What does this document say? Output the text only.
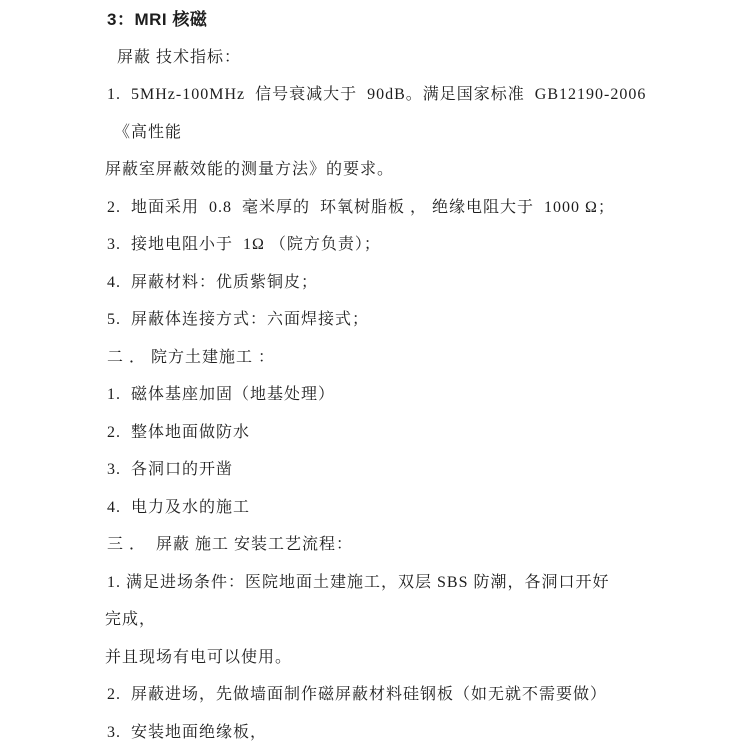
3：MRI 核磁

屏蔽 技术指标：

1.  5MHz-100MHz  信号衰减大于  90dB。满足国家标准  GB12190-2006

《高性能

屏蔽室屏蔽效能的测量方法》的要求。

2.  地面采用  0.8  毫米厚的  环氧树脂板 ， 绝缘电阻大于  1000 Ω；

3.  接地电阻小于  1Ω （院方负责）；

4.  屏蔽材料：优质紫铜皮；

5.  屏蔽体连接方式：六面焊接式；

二 ． 院方土建施工 ：

1.  磁体基座加固（地基处理）

2.  整体地面做防水

3.  各洞口的开凿

4.  电力及水的施工

三 ．  屏蔽 施工 安装工艺流程：

1. 满足进场条件：医院地面土建施工，双层 SBS 防潮，各洞口开好

完成，

并且现场有电可以使用。

2.  屏蔽进场，先做墙面制作磁屏蔽材料硅钢板（如无就不需要做）

3.  安装地面绝缘板，
